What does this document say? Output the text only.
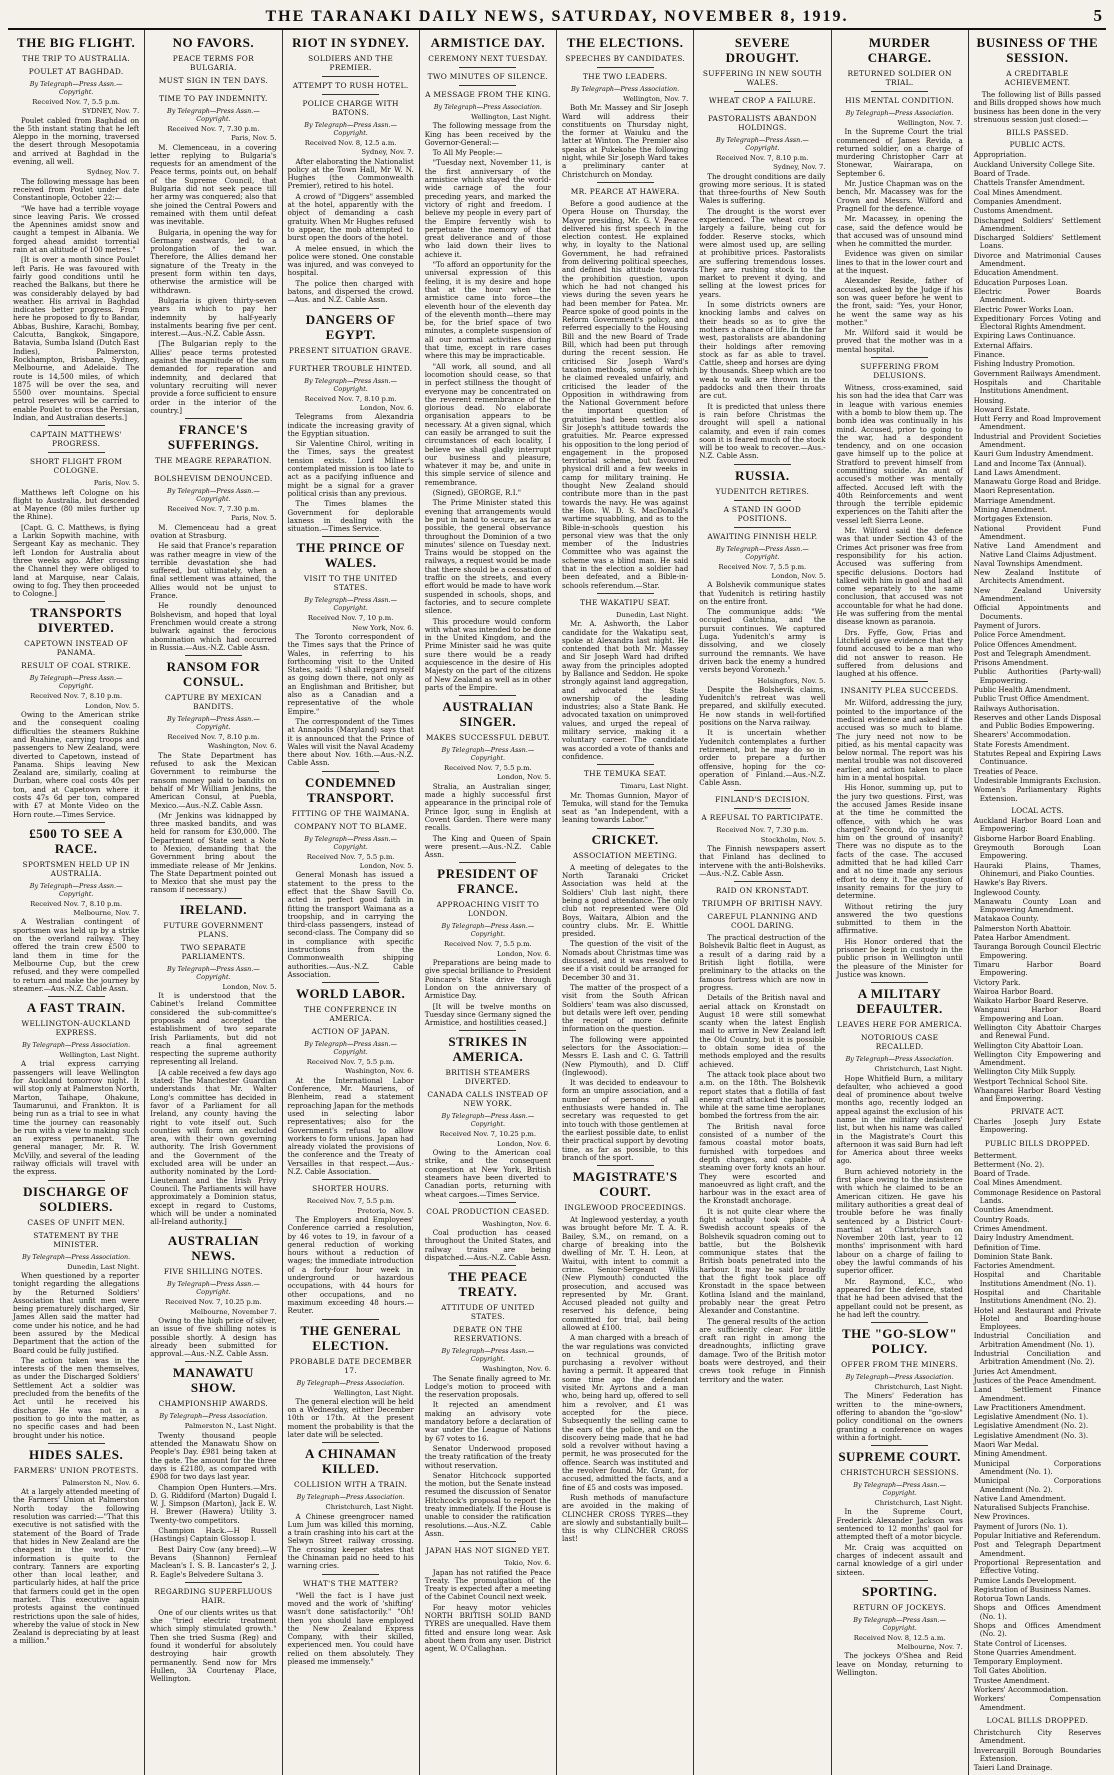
THE TARANAKI DAILY NEWS, SATURDAY, NOVEMBER 8, 1919.	5
THE BIG FLIGHT.
THE TRIP TO AUSTRALIA.
POULET AT BAGHDAD.
By Telegraph—Press Assn.—Copyright.
Received Nov. 7, 5.5 p.m.
SYDNEY, Nov. 7.

Poulet cabled from Baghdad on the 5th instant stating that he left Aleppo in the morning, traversed the desert through Mesopotamia and arrived at Baghdad in the evening, all well.

Sydney, Nov. 7.

The following message has been received from Poulet under date Constantinople, October 22:—

"We have had a terrible voyage since leaving Paris. We crossed the Apennines amidst snow and caught a tempest in Albania. We forged ahead amidst torrential rain at an altitude of 100 metres."

[It is over a month since Poulet left Paris. He was favoured with fairly good conditions until he reached the Balkans, but there he was considerably delayed by bad weather. His arrival in Baghdad indicates better progress. From here he proposed to fly to Bandar, Abbas, Bushire, Karachi, Bombay, Calcutta, Bangkok, Singapore, Batavia, Sumba Island (Dutch East Indies), Palmerston, Rockhampton, Brisbane, Sydney, Melbourne, and Adelaide. The route is 14,500 miles, of which 1875 will be over the sea, and 5500 over mountains. Special petrol reserves will be carried to enable Poulet to cross the Persian, Indian, and Australian deserts.]

CAPTAIN MATTHEWS' PROGRESS.
SHORT FLIGHT FROM COLOGNE.
Paris, Nov. 5.

Matthews left Cologne on his flight to Australia, but descended at Mayence (80 miles further up the Rhine).

[Capt. G. C. Matthews, is flying a Larkin Sopwith machine, with Sergeant Kay as mechanic. They left London for Australia about three weeks ago. After crossing the Channel they were obliged to land at Marquise, near Calais, owing to fog. They then proceeded to Cologne.]

TRANSPORTS DIVERTED.
CAPETOWN INSTEAD OF PANAMA.
RESULT OF COAL STRIKE.
By Telegraph—Press Assn.—Copyright.
Received Nov. 7, 8.10 p.m.
London, Nov. 5.

Owing to the American strike and the consequent coaling difficulties the steamers Rukhine and Ruahine, carrying troops and passengers to New Zealand, were diverted to Capetown, instead of Panama. Ships leaving New Zealand are, similarly, coaling at Durban, where coal costs 40s per ton, and at Capetown where it costs 47s 6d per ton, compared with £7 at Monte Video on the Horn route.—Times Service.

£500 TO SEE A RACE.
SPORTSMEN HELD UP IN AUSTRALIA.
By Telegraph—Press Assn.—Copyright.
Received Nov. 7, 8.10 p.m.
Melbourne, Nov. 7.

A Westralian contingent of sportsmen was held up by a strike on the overland railway. They offered the train crew £500 to land them in time for the Melbourne Cup, but the crew refused, and they were compelled to return and make the journey by steamer.—Aus.-N.Z. Cable Assn.

A FAST TRAIN.
WELLINGTON-AUCKLAND EXPRESS.
By Telegraph—Press Association.
Wellington, Last Night.

A trial express carrying passengers will leave Wellington for Auckland tomorrow night. It will stop only at Palmerston North, Marton, Taihape, Ohakune, Taumarunui, and Frankton. It is being run as a trial to see in what time the journey can reasonably be run with a view to making such an express permanent. The general manager, Mr. R. W. McVilly, and several of the leading railway officials will travel with the express.

DISCHARGE OF SOLDIERS.
CASES OF UNFIT MEN.
STATEMENT BY THE MINISTER.
By Telegraph—Press Association.
Dunedin, Last Night.

When questioned by a reporter tonight regarding the allegations by the Returned Soldiers' Association that unfit men were being prematurely discharged, Sir James Allen said the matter had come under his notice, and he had been assured by the Medical Department that the action of the Board could be fully justified.

The action taken was in the interests of the men themselves, as under the Discharged Soldiers' Settlement Act a soldier was precluded from the benefits of the Act until he received his discharge. He was not in a position to go into the matter, as no specific cases and had been brought under his notice.

HIDES SALES.
FARMERS' UNION PROTESTS.
Palmerston N., Nov. 6.

At a largely attended meeting of the Farmers' Union at Palmerston North today the following resolution was carried:—"That this executive is not satisfied with the statement of the Board of Trade that hides in New Zealand are the cheapest in the world. Our information is quite to the contrary. Tanners are exporting other than local leather, and particularly hides, at half the price that farmers could get in the open market. This executive again protests against the continued restrictions upon the sale of hides, whereby the value of stock in New Zealand is depreciating by at least a million."

NO FAVORS.
PEACE TERMS FOR BULGARIA.
MUST SIGN IN TEN DAYS.
TIME TO PAY INDEMNITY.
By Telegraph—Press Assn.—Copyright.
Received Nov. 7, 7.30 p.m.
Paris, Nov. 5.

M. Clemenceau, in a covering letter replying to Bulgaria's requests for an amendment of the Peace terms, points out, on behalf of the Supreme Council, that Bulgaria did not seek peace till her army was conquered; also that she joined the Central Powers and remained with them until defeat was inevitable.

Bulgaria, in opening the way for Germany eastwards, led to a prolongation of the war. Therefore, the Allies demand her signature of the Treaty in the present form within ten days, otherwise the armistice will be withdrawn.

Bulgaria is given thirty-seven years in which to pay her indemnity by half-yearly instalments bearing five per cent. interest.—Aus.-N.Z. Cable Assn.

[The Bulgarian reply to the Allies' peace terms protested against the magnitude of the sum demanded for reparation and indemnity, and declared that voluntary recruiting will never provide a force sufficient to ensure order in the interior of the country.]

FRANCE'S SUFFERINGS.
THE MEAGRE REPARATION.
BOLSHEVISM DENOUNCED.
By Telegraph—Press Assn.—Copyright.
Received Nov. 7, 7.30 p.m.
Paris, Nov. 5.

M. Clemenceau had a great ovation at Strasburg.

He said that France's reparation was rather meagre in view of the terrible devastation she had suffered, but ultimately, when a final settlement was attained, the Allies would not be unjust to France.

He roundly denounced Bolshevism, and hoped that loyal Frenchmen would create a strong bulwark against the ferocious abomination which had occurred in Russia.—Aus.-N.Z. Cable Assn.

RANSOM FOR CONSUL.
CAPTURE BY MEXICAN BANDITS.
By Telegraph—Press Assn.—Copyright.
Received Nov. 7, 8.10 p.m.
Washington, Nov. 6.

The State Department has refused to ask the Mexican Government to reimburse the ransom money paid to bandits on behalf of Mr William Jenkins, the American Consul, at Puebla, Mexico.—Aus.-N.Z. Cable Assn.

(Mr Jenkins was kidnapped by three masked bandits, and was held for ransom for £30,000. The Department of State sent a Note to Mexico, demanding that the Government bring about the immediate release of Mr Jenkins. The State Department pointed out to Mexico that she must pay the ransom if necessary.)

IRELAND.
FUTURE GOVERNMENT PLANS.
TWO SEPARATE PARLIAMENTS.
By Telegraph—Press Assn.—Copyright.
London, Nov. 5.

It is understood that the Cabinet's Ireland Committee considered the sub-committee's proposals and accepted the establishment of two separate Irish Parliaments, but did not reach a final agreement respecting the supreme authority representing all Ireland.

[A cable received a few days ago stated: The Manchester Guardian understands that Mr. Walter Long's committee has decided in favor of a Parliament for all Ireland, any county having the right to vote itself out. Such counties will form an excluded area, with their own governing authority. The Irish Government and the Government of the excluded area will be under an authority nominated by the Lord-Lieutenant and the Irish Privy Council. The Parliaments will have approximately a Dominion status, except in regard to Customs, which will be under a nominated all-Ireland authority.]

AUSTRALIAN NEWS.
FIVE SHILLING NOTES.
By Telegraph—Press Assn.—Copyright.
Received Nov. 7, 10.25 p.m.
Melbourne, November 7.

Owing to the high price of silver, an issue of five shilling notes is possible shortly. A design has already been submitted for approval.—Aus.-N.Z. Cable Assn.

MANAWATU SHOW.
CHAMPIONSHIP AWARDS.
By Telegraph—Press Association.
Palmerston N., Last Night.

Twenty thousand people attended the Manawatu Show on People's Day. £981 being taken at the gate. The amount for the three days is £2180, as compared with £908 for two days last year.

Champion Open Hunters.—Mrs. D. G. Riddiford (Marton) Dugald I. W. J. Simpson (Marton), Jack E. W. H. Brewer (Hawera) Utility 3. Twenty-two competitors.

Champion Hack.—H Russell (Hastings) Captain Glossop I.

Best Dairy Cow (any breed).—W Bevans (Shannon) Fernleaf Maclean's I. S. B. Lancaster's 2, J. R. Eagle's Belvedere Sultana 3.

REGARDING SUPERFLUOUS HAIR.

One of our clients writes us that she "tried electric treatment which simply stimulated growth." Then she tried Susma (Reg) and found it wonderful for absolutely destroying hair growth permanently. Send now for Mrs Hullen, 3A Courtenay Place, Wellington.

RIOT IN SYDNEY.
SOLDIERS AND THE PREMIER.
ATTEMPT TO RUSH HOTEL.
POLICE CHARGE WITH BATONS.
By Telegraph—Press Assn.—Copyright.
Received Nov. 8, 12.5 a.m.
Sydney, Nov. 7.

After elaborating the Nationalist policy at the Town Hall, Mr W. N. Hughes (the Commonwealth Premier), retired to his hotel.

A crowd of "Diggers" assembled at the hotel, apparently with the object of demanding a cash gratuity. When Mr Hughes refused to appear, the mob attempted to burst open the doors of the hotel.

A melee ensued, in which the police were stoned. One constable was injured, and was conveyed to hospital.

The police then charged with batons, and dispersed the crowd.—Aus. and N.Z. Cable Assn.

DANGERS OF EGYPT.
PRESENT SITUATION GRAVE.
FURTHER TROUBLE HINTED.
By Telegraph—Press Assn.—Copyright.
Received Nov. 7, 8.10 p.m.
London, Nov. 6.

Telegrams from Alexandria indicate the increasing gravity of the Egyptian situation.

Sir Valentine Chirol, writing in the Times, says the greatest tension exists. Lord Milner's contemplated mission is too late to act as a pacifying influence and might be a signal for a graver political crisis than any previous.

The Times blames the Government for deplorable laxness in dealing with the situation.—Times Service.

THE PRINCE OF WALES.
VISIT TO THE UNITED STATES.
By Telegraph—Press Assn.—Copyright.
Received Nov. 7, 10 p.m.
New York, Nov. 6.

The Toronto correspondent of the Times says that the Prince of Wales, in referring to his forthcoming visit to the United States, said: "I shall regard myself as going down there, not only as an Englishman and Britisher, but also as a Canadian and a representative of the whole Empire."

The correspondent of the Times at Annapolis (Maryland) says that it is announced that the Prince of Wales will visit the Naval Academy there about Nov. 16th.—Aus.-N.Z. Cable Assn.

CONDEMNED TRANSPORT.
FITTING OF THE WAIMANA.
COMPANY NOT TO BLAME.
By Telegraph—Press Assn.—Copyright.
Received Nov. 7, 5.5 p.m.
London, Nov. 5.

General Monash has issued a statement to the press to the effect that the Shaw Savill Co. acted in perfect good faith in fitting the transport Waimana as a troopship, and in carrying the third-class passengers, instead of second-class. The Company did so in compliance with specific instructions from the Commonwealth shipping authorities.—Aus.-N.Z. Cable Association.

WORLD LABOR.
THE CONFERENCE IN AMERICA.
ACTION OF JAPAN.
By Telegraph—Press Assn.—Copyright.
Received Nov. 7, 5.5 p.m.
Washington, Nov. 6.

At the International Labor Conference, Mr. Mauriens, of Blenheim, read a statement reproaching Japan for the methods used in selecting labor representatives; also for the Government's refusal to allow workers to form unions. Japan had already violated the provisions of the conference and the Treaty of Versailles in that respect.—Aus.-N.Z. Cable Association.

SHORTER HOURS.
Received Nov. 7, 5.5 p.m.
Pretoria, Nov. 5.

The Employers and Employees' Conference carried a resolution, by 46 votes to 19, in favour of a general reduction of working hours without a reduction of wages; the immediate introduction of a forty-four hour week in underground or hazardous occupations, with 44 hours for other occupations, and no maximum exceeding 48 hours.—Reuter.

THE GENERAL ELECTION.
PROBABLE DATE DECEMBER 17.
By Telegraph—Press Association.
Wellington, Last Night.

The general election will be held on a Wednesday, either December 10th or 17th. At the present moment the probability is that the later date will be selected.

A CHINAMAN KILLED.
COLLISION WITH A TRAIN.
By Telegraph—Press Association.
Christchurch, Last Night.

A Chinese greengrocer named Lum Jum was killed this morning, a train crashing into his cart at the Selwyn Street railway crossing. The crossing keeper states that the Chinaman paid no heed to his warning cries.

WHAT'S THE MATTER?

"Well the fact is I have just moved and the work of 'shifting' wasn't done satisfactorily." "Oh! then you should have employed the New Zealand Express Company, with their skilled, experienced men. You could have relied on them absolutely. They pleased me immensely."

ARMISTICE DAY.
CEREMONY NEXT TUESDAY.
TWO MINUTES OF SILENCE.
A MESSAGE FROM THE KING.
By Telegraph—Press Association.
Wellington, Last Night.

The following message from the King has been received by the Governor-General:—

To All My People:—

"Tuesday next, November 11, is the first anniversary of the armistice which stayed the world-wide carnage of the four preceding years, and marked the victory of right and freedom. I believe my people in every part of the Empire fervently wish to perpetuate the memory of that great deliverance and of those who laid down their lives to achieve it.

"To afford an opportunity for the universal expression of this feeling, it is my desire and hope that at the hour when the armistice came into force—the eleventh hour of the eleventh day of the eleventh month—there may be, for the brief space of two minutes, a complete suspension of all our normal activities during that time, except in rare cases where this may be impracticable.

"All work, all sound, and all locomotion should cease, so that in perfect stillness the thought of everyone may be concentrated on the reverent remembrance of the glorious dead. No elaborate organisation appears to be necessary. At a given signal, which can easily be arranged to suit the circumstances of each locality, I believe we shall gladly interrupt our business and pleasure, whatever it may be, and unite in this simple service of silence and remembrance.

(Signed), GEORGE, R.I."

The Prime Minister stated this evening that arrangements would be put in hand to secure, as far as possible, the general observance throughout the Dominion of a two minutes' silence on Tuesday next. Trains would be stopped on the railways, a request would be made that there should be a cessation of traffic on the streets, and every effort would be made to have work suspended in schools, shops, and factories, and to secure complete silence.

This procedure would conform with what was intended to be done in the United Kingdom, and the Prime Minister said he was quite sure there would be a ready acquiescence in the desire of His Majesty on the part of the citizens of New Zealand as well as in other parts of the Empire.

AUSTRALIAN SINGER.
MAKES SUCCESSFUL DEBUT.
By Telegraph—Press Assn.—Copyright.
Received Nov. 7, 5.5 p.m.
London, Nov. 5.

Stralia, an Australian singer, made a highly successful first appearance in the principal role of Prince Igor, sung in English at Covent Garden. There were many recalls.

The King and Queen of Spain were present.—Aus.-N.Z. Cable Assn.

PRESIDENT OF FRANCE.
APPROACHING VISIT TO LONDON.
By Telegraph—Press Assn.—Copyright.
Received Nov. 7, 5.5 p.m.
London, Nov. 6.

Preparations are being made to give special brilliance to President Poincare's State drive through London on the anniversary of Armistice Day.

[It will be twelve months on Tuesday since Germany signed the Armistice, and hostilities ceased.]

STRIKES IN AMERICA.
BRITISH STEAMERS DIVERTED.
CANADA CALLS INSTEAD OF NEW YORK.
By Telegraph—Press Assn.—Copyright.
Received Nov. 7, 10.25 p.m.
London, Nov. 6.

Owing to the American coal strike, and the consequent congestion at New York, British steamers have been diverted to Canadian ports, returning with wheat cargoes.—Times Service.

COAL PRODUCTION CEASED.
Washington, Nov. 6.

Coal production has ceased throughout the United States, and railway trains are being dispatched.—Aus.-N.Z. Cable Assn.

THE PEACE TREATY.
ATTITUDE OF UNITED STATES.
DEBATE ON THE RESERVATIONS.
By Telegraph—Press Assn.—Copyright.
Washington, Nov. 6.

The Senate finally agreed to Mr. Lodge's motion to proceed with the reservation proposals.

It rejected an amendment making an advisory vote mandatory before a declaration of war under the League of Nations by 67 votes to 16.

Senator Underwood proposed the treaty ratification of the treaty without reservation.

Senator Hitchcock supported the motion, but the Senate instead resumed the discussion of Senator Hitchcock's proposal to report the treaty immediately. If the House is unable to consider the ratification resolutions.—Aus.-N.Z. Cable Assn.

JAPAN HAS NOT SIGNED YET.
Tokio, Nov. 6.

Japan has not ratified the Peace Treaty. The promulgation of the Treaty is expected after a meeting of the Cabinet Council next week.

For heavy motor vehicles NORTH BRITISH SOLID BAND TYRES are unequalled. Have them fitted and ensure long wear. Ask about them from any user. District agent, W. O'Callaghan.

THE ELECTIONS.
SPEECHES BY CANDIDATES.
THE TWO LEADERS.
By Telegraph—Press Association.
Wellington, Nov. 7.

Both Mr. Massey and Sir Joseph Ward will address their constituents on Thursday night, the former at Waiuku and the latter at Winton. The Premier also speaks at Pukekohe the following night, while Sir Joseph Ward takes a preliminary canter at Christchurch on Monday.

MR. PEARCE AT HAWERA.

Before a good audience at the Opera House on Thursday, the Mayor presiding, Mr. G. V. Pearce delivered his first speech in the election contest. He explained why, in loyalty to the National Government, he had refrained from delivering political speeches, and defined his attitude towards the prohibition question, upon which he had not changed his views during the seven years he had been member for Patea. Mr. Pearce spoke of good points in the Reform Government's policy, and referred especially to the Housing Bill and the new Board of Trade Bill, which had been put through during the recent session. He criticised Sir Joseph Ward's taxation methods, some of which he claimed revealed unfairly, and criticised the leader of the Opposition in withdrawing from the National Government before the important question of gratuities had been settled; also Sir Joseph's attitude towards the gratuities. Mr. Pearce expressed his opposition to the long period of engagement in the proposed territorial scheme, but favoured physical drill and a few weeks in camp for military training. He thought New Zealand should contribute more than in the past towards the navy. He was against the Hon. W. D. S. MacDonald's wartime squabbling, and as to the Bible-in-schools question his personal view was that the only member of the Industries Committee who was against the scheme was a blind man. He said that in the election a soldier had been defeated, and a Bible-in-schools referendum.—Star.

THE WAKATIPU SEAT.
Dunedin, Last Night.

Mr. A. Ashworth, the Labor candidate for the Wakatipu seat, spoke at Alexandra last night. He contended that both Mr. Massey and Sir Joseph Ward had drifted away from the principles adopted by Ballance and Seddon. He spoke strongly against land aggregation, and advocated the State ownership of the leading industries; also a State Bank. He advocated taxation on unimproved values, and urged the repeal of military service, making it a voluntary career. The candidate was accorded a vote of thanks and confidence.

THE TEMUKA SEAT.
Timaru, Last Night.

Mr. Thomas Gunnion, Mayor of Temuka, will stand for the Temuka seat as "an Independent, with a leaning towards Labor."

CRICKET.
ASSOCIATION MEETING.

A meeting of delegates to the North Taranaki Cricket Association was held at the Soldiers' Club last night, there being a good attendance. The only club not represented were Old Boys, Waitara, Albion and the country clubs. Mr. E. Whittle presided.

The question of the visit of the Nomads about Christmas time was discussed, and it was resolved to see if a visit could be arranged for December 30 and 31.

The matter of the prospect of a visit from the South African Soldiers' team was also discussed, but details were left over, pending the receipt of more definite information on the question.

The following were appointed selectors for the Association:—Messrs E. Lash and C. G. Tattrill (New Plymouth), and D. Cliff (Inglewood).

It was decided to endeavour to form an umpire association, and a number of persons of all enthusiasts were handed in. The secretary was requested to get into touch with those gentlemen at the earliest possible date, to enlist their practical support by devoting time, as far as possible, to this branch of the sport.

MAGISTRATE'S COURT.
INGLEWOOD PROCEEDINGS.

At Inglewood yesterday, a youth was brought before Mr. T. A. R. Bailey, S.M., on remand, on a charge of breaking into the dwelling of Mr. T. H. Leon, at Waitui, with intent to commit a crime. Senior-Sergeant Willis (New Plymouth) conducted the prosecution, and accused was represented by Mr. Grant. Accused pleaded not guilty and reserved his defence, being committed for trial, bail being allowed at £100.

A man charged with a breach of the war regulations was convicted on technical grounds, of purchasing a revolver without having a permit. It appeared that some time ago the defendant visited Mr. Ayrtons and a man who, being hard up, offered to sell him a revolver, and £1 was accepted for the piece. Subsequently the selling came to the ears of the police, and on the discovery being made that he had sold a revolver without having a permit, he was prosecuted for the offence. Search was instituted and the revolver found. Mr. Grant, for accused, admitted the facts, and a fine of £5 and costs was imposed.

Rush methods of manufacture are avoided in the making of CLINCHER CROSS TYRES—they are slowly and substantially built—this is why CLINCHER CROSS last!

SEVERE DROUGHT.
SUFFERING IN NEW SOUTH WALES.
WHEAT CROP A FAILURE.
PASTORALISTS ABANDON HOLDINGS.
By Telegraph—Press Assn.—Copyright.
Received Nov. 7, 8.10 p.m.
Sydney, Nov. 7.

The drought conditions are daily growing more serious. It is stated that three-fourths of New South Wales is suffering.

The drought is the worst ever experienced. The wheat crop is largely a failure, being cut for fodder. Reserve stocks, which were almost used up, are selling at prohibitive prices. Pastoralists are suffering tremendous losses. They are rushing stock to the market to prevent it dying, and selling at the lowest prices for years.

In some districts owners are knocking lambs and calves on their heads so as to give the mothers a chance of life. In the far west, pastoralists are abandoning their holdings after removing stock as far as able to travel. Cattle, sheep and horses are dying by thousands. Sheep which are too weak to walk are thrown in the paddocks and then their throats are cut.

It is predicted that unless there is rain before Christmas the drought will spell a national calamity, and even if rain comes soon it is feared much of the stock will be too weak to recover.—Aus.-N.Z. Cable Assn.

RUSSIA.
YUDENITCH RETIRES.
A STAND IN GOOD POSITIONS.
AWAITING FINNISH HELP.
By Telegraph—Press Assn.—Copyright.
Received Nov. 7, 5.5 p.m.
London, Nov. 5.

A Bolshevik communique states that Yudenitch is retiring hastily on the entire front.

The communique adds: "We occupied Gatchina, and the pursuit continues. We captured Luga. Yudenitch's army is dissolving, and we closely surround the remnants. We have driven back the enemy a hundred versts beyond Voronezh."

Helsingfors, Nov. 5.

Despite the Bolshevik claims, Yudenitch's retreat was well prepared, and skilfully executed. He now stands in well-fortified positions on the Narva railway.

It is uncertain whether Yudenitch contemplates a further retirement, but he may do so in order to prepare a further offensive, hoping for the co-operation of Finland.—Aus.-N.Z. Cable Assn.

FINLAND'S DECISION.
A REFUSAL TO PARTICIPATE.
Received Nov. 7, 7.30 p.m.
Stockholm, Nov. 5.

The Finnish newspapers assert that Finland has declined to intervene with the anti-Bolsheviks.—Aus.-N.Z. Cable Assn.

RAID ON KRONSTADT.
TRIUMPH OF BRITISH NAVY.
CAREFUL PLANNING AND COOL DARING.

The practical destruction of the Bolshevik Baltic fleet in August, as a result of a daring raid by a British light flotilla, were preliminary to the attacks on the famous fortress which are now in progress.

Details of the British naval and aerial attack on Kronstadt on August 18 were still somewhat scanty when the latest English mail to arrive in New Zealand left the Old Country, but it is possible to obtain some idea of the methods employed and the results achieved.

The attack took place about two a.m. on the 18th. The Bolshevik report states that a flotilla of fast enemy craft attacked the harbour, while at the same time aeroplanes bombed the fortress from the air.

The British naval force consisted of a number of the famous coastal motor boats, furnished with torpedoes and depth charges, and capable of steaming over forty knots an hour. They were escorted and manoeuvred as light craft, and the harbour was in the exact area of the Kronstadt anchorage.

It is not quite clear where the fight actually took place. A Swedish account speaks of the Bolshevik squadron coming out to battle, but the Bolshevik communique states that the British boats penetrated into the harbour. It may be said broadly that the fight took place off Kronstadt in the space between Kotlina Island and the mainland, probably near the great Petro Alexander and Constantine.

The general results of the action are sufficiently clear. For little craft ran right in among the dreadnoughts, inflicting grave damage. Two of the British motor boats were destroyed, and their crews took refuge in Finnish territory and the water.

MURDER CHARGE.
RETURNED SOLDIER ON TRIAL.
HIS MENTAL CONDITION.
By Telegraph—Press Association.
Wellington, Nov. 7.

In the Supreme Court the trial commenced of James Revida, a returned soldier, on a charge of murdering Christopher Carr at Stonewar, Wairarapa, on September 6.

Mr. Justice Chapman was on the bench, Mr. Macassey was for the Crown and Messrs. Wilford and Pragnell for the defence.

Mr. Macassey, in opening the case, said the defence would be that accused was of unsound mind when he committed the murder.

Evidence was given on similar lines to that in the lower court and at the inquest.

Alexander Reside, father of accused, asked by the Judge if his son was queer before he went to the front, said: "Yes, your Honor, he went the same way as his mother."

Mr. Wilford said it would be proved that the mother was in a mental hospital.

SUFFERING FROM DELUSIONS.

Witness, cross-examined, said his son had the idea that Carr was in league with various enemies with a bomb to blow them up. The bomb idea was continually in his mind. Accused, prior to going to the war, had a despondent tendency, and on one occasion gave himself up to the police at Stratford to prevent himself from committing suicide. An aunt of accused's mother was mentally affected. Accused left with the 40th Reinforcements and went through the terrible epidemic experiences on the Tahiti after the vessel left Sierra Leone.

Mr. Wilford said the defence was that under Section 43 of the Crimes Act prisoner was free from responsibility for his action. Accused was suffering from specific delusions. Doctors had talked with him in gaol and had all come separately to the same conclusion, that accused was not accountable for what he had done. He was suffering from the mental disease known as paranoia.

Drs. Fyffe, Gow, Frias and Litchfield gave evidence that they found accused to be a man who did not answer to reason. He suffered from delusions and laughed at his offence.

INSANITY PLEA SUCCEEDS.

Mr. Wilford, addressing the jury, pointed to the importance of the medical evidence and asked if the accused was so much to blame. The jury need not now to be pitied, as his mental capacity was below normal. The report was his mental trouble was not discovered earlier, and action taken to place him in a mental hospital.

His Honor, summing up, put to the jury two questions. First, was the accused James Reside insane at the time he committed the offence, with which he was charged? Second, do you acquit him on the ground of insanity? There was no dispute as to the facts of the case. The accused admitted that he had killed Carr and at no time made any serious effort to deny it. The question of insanity remains for the jury to determine.

Without retiring the jury answered the two questions submitted to them in the affirmative.

His Honor ordered that the prisoner be kept in custody in the public prison in Wellington until the pleasure of the Minister for Justice was known.

A MILITARY DEFAULTER.
LEAVES HERE FOR AMERICA.
NOTORIOUS CASE RECALLED.
By Telegraph—Press Association.
Christchurch, Last Night.

Hope Whitfield Burn, a military defaulter, who achieved a good deal of prominence about twelve months ago, recently lodged an appeal against the exclusion of his name in the military defaulters' list, but when his name was called in the Magistrate's Court this afternoon it was said Burn had left for America about three weeks ago.

Burn achieved notoriety in the first place owing to the insistence with which he claimed to be an American citizen. He gave his military authorities a great deal of trouble before he was finally sentenced by a District Court-martial at Christchurch on November 20th last, year to 12 months' imprisonment with hard labour on a charge of failing to obey the lawful commands of his superior officer.

Mr. Raymond, K.C., who appeared for the defence, stated that he had been advised that the appellant could not be present, as he had left the country.

THE "GO-SLOW" POLICY.
OFFER FROM THE MINERS.
By Telegraph—Press Association.
Christchurch, Last Night.

The Miners' Federation has written to the mine-owners, offering to abandon the "go-slow" policy conditional on the owners granting a conference on wages within a fortnight.

SUPREME COURT.
CHRISTCHURCH SESSIONS.
By Telegraph—Press Assn.—Copyright.
Christchurch, Last Night.

In the Supreme Court, Frederick Alexander Jackson was sentenced to 12 months' gaol for attempted theft of a motor bicycle.

Mr. Craig was acquitted on charges of indecent assault and carnal knowledge of a girl under sixteen.

SPORTING.
RETURN OF JOCKEYS.
By Telegraph—Press Assn.—Copyright.
Received Nov. 8, 12.5 a.m.
Melbourne, Nov. 7.

The jockeys O'Shea and Reid leave on Monday, returning to Wellington.

BUSINESS OF THE SESSION.
A CREDITABLE ACHIEVEMENT.

The following list of Bills passed and Bills dropped shows how much business has been done in the very strenuous session just closed:—

BILLS PASSED.
PUBLIC ACTS.

Appropriation.

Auckland University College Site.

Board of Trade.

Chattels Transfer Amendment.

Coal Mines Amendment.

Companies Amendment.

Customs Amendment.

Discharged Soldiers' Settlement Amendment.

Discharged Soldiers' Settlement Loans.

Divorce and Matrimonial Causes Amendment.

Education Amendment.

Education Purposes Loan.

Electric Power Boards Amendment.

Electric Power Works Loan.

Expeditionary Forces Voting and Electoral Rights Amendment.

Expiring Laws Continuance.

External Affairs.

Finance.

Fishing Industry Promotion.

Government Railways Amendment.

Hospitals and Charitable Institutions Amendment.

Housing.

Howard Estate.

Hutt Ferry and Road Improvement Amendment.

Industrial and Provident Societies Amendment.

Kauri Gum Industry Amendment.

Land and Income Tax (Annual).

Land Laws Amendment.

Manawatu Gorge Road and Bridge.

Maori Representation.

Marriage Amendment.

Mining Amendment.

Mortgages Extension.

National Provident Fund Amendment.

Native Land Amendment and Native Land Claims Adjustment.

Naval Townships Amendment.

New Zealand Institute of Architects Amendment.

New Zealand University Amendment.

Official Appointments and Documents.

Payment of Jurors.

Police Force Amendment.

Police Offences Amendment.

Post and Telegraph Amendment.

Prisons Amendment.

Public Authorities (Party-wall) Empowering.

Public Health Amendment.

Public Trust Office Amendment.

Railways Authorisation.

Reserves and other Lands Disposal and Public Bodies Empowering.

Shearers' Accommodation.

State Forests Amendment.

Statutes Repeal and Expiring Laws Continuance.

Treaties of Peace.

Undesirable Immigrants Exclusion.

Women's Parliamentary Rights Extension.

LOCAL ACTS.

Auckland Harbor Board Loan and Empowering.

Gisborne Harbor Board Enabling.

Greymouth Borough Loan Empowering.

Hauraki Plains, Thames, Ohinemuri, and Piako Counties.

Hawke's Bay Rivers.

Inglewood County.

Manawatu County Loan and Empowering Amendment.

Matakaoa County.

Palmerston North Abattoir.

Patea Harbor Amendment.

Tauranga Borough Council Electric Empowering.

Timaru Harbor Board Empowering.

Victory Park.

Wairoa Harbor Board.

Waikato Harbor Board Reserve.

Wanganui Harbor Board Empowering and Loan.

Wellington City Abattoir Charges and Renewal Fund.

Wellington City Abattoir Loan.

Wellington City Empowering and Amendment.

Wellington City Milk Supply.

Westport Technical School Site.

Whangarei Harbor Board Vesting and Empowering.

PRIVATE ACT.

Charles Joseph Jury Estate Empowering.

PUBLIC BILLS DROPPED.

Betterment.

Betterment (No. 2).

Board of Trade.

Coal Mines Amendment.

Commonage Residence on Pastoral Lands.

Counties Amendment.

Country Roads.

Crimes Amendment.

Dairy Industry Amendment.

Definition of Time.

Dominion State Bank.

Factories Amendment.

Hospital and Charitable Institutions Amendment (No. 1).

Hospital and Charitable Institutions Amendment (No. 2).

Hotel and Restaurant and Private Hotel and Boarding-house Employees.

Industrial Conciliation and Arbitration Amendment (No. 1).

Industrial Conciliation and Arbitration Amendment (No. 2).

Juries Act Amendment.

Justices of the Peace Amendment.

Land Settlement Finance Amendment.

Law Practitioners Amendment.

Legislative Amendment (No. 1).

Legislative Amendment (No. 2).

Legislative Amendment (No. 3).

Maori War Medal.

Mining Amendment.

Municipal Corporations Amendment (No. 1).

Municipal Corporations Amendment (No. 2).

Native Land Amendment.

Naturalised Subjects Franchise.

New Provinces.

Payment of Jurors (No. 1).

Popular Initiative and Referendum.

Post and Telegraph Department Amendment.

Proportional Representation and Effective Voting.

Pumice Lands Development.

Registration of Business Names.

Rotorua Town Lands.

Shops and Offices Amendment (No. 1).

Shops and Offices Amendment (No. 2).

State Control of Licenses.

Stone Quarries Amendment.

Temporary Employment.

Toll Gates Abolition.

Trustee Amendment.

Workers' Accommodation.

Workers' Compensation Amendment.

LOCAL BILLS DROPPED.

Christchurch City Reserves Amendment.

Invercargill Borough Boundaries Extension.

Taieri Land Drainage.
